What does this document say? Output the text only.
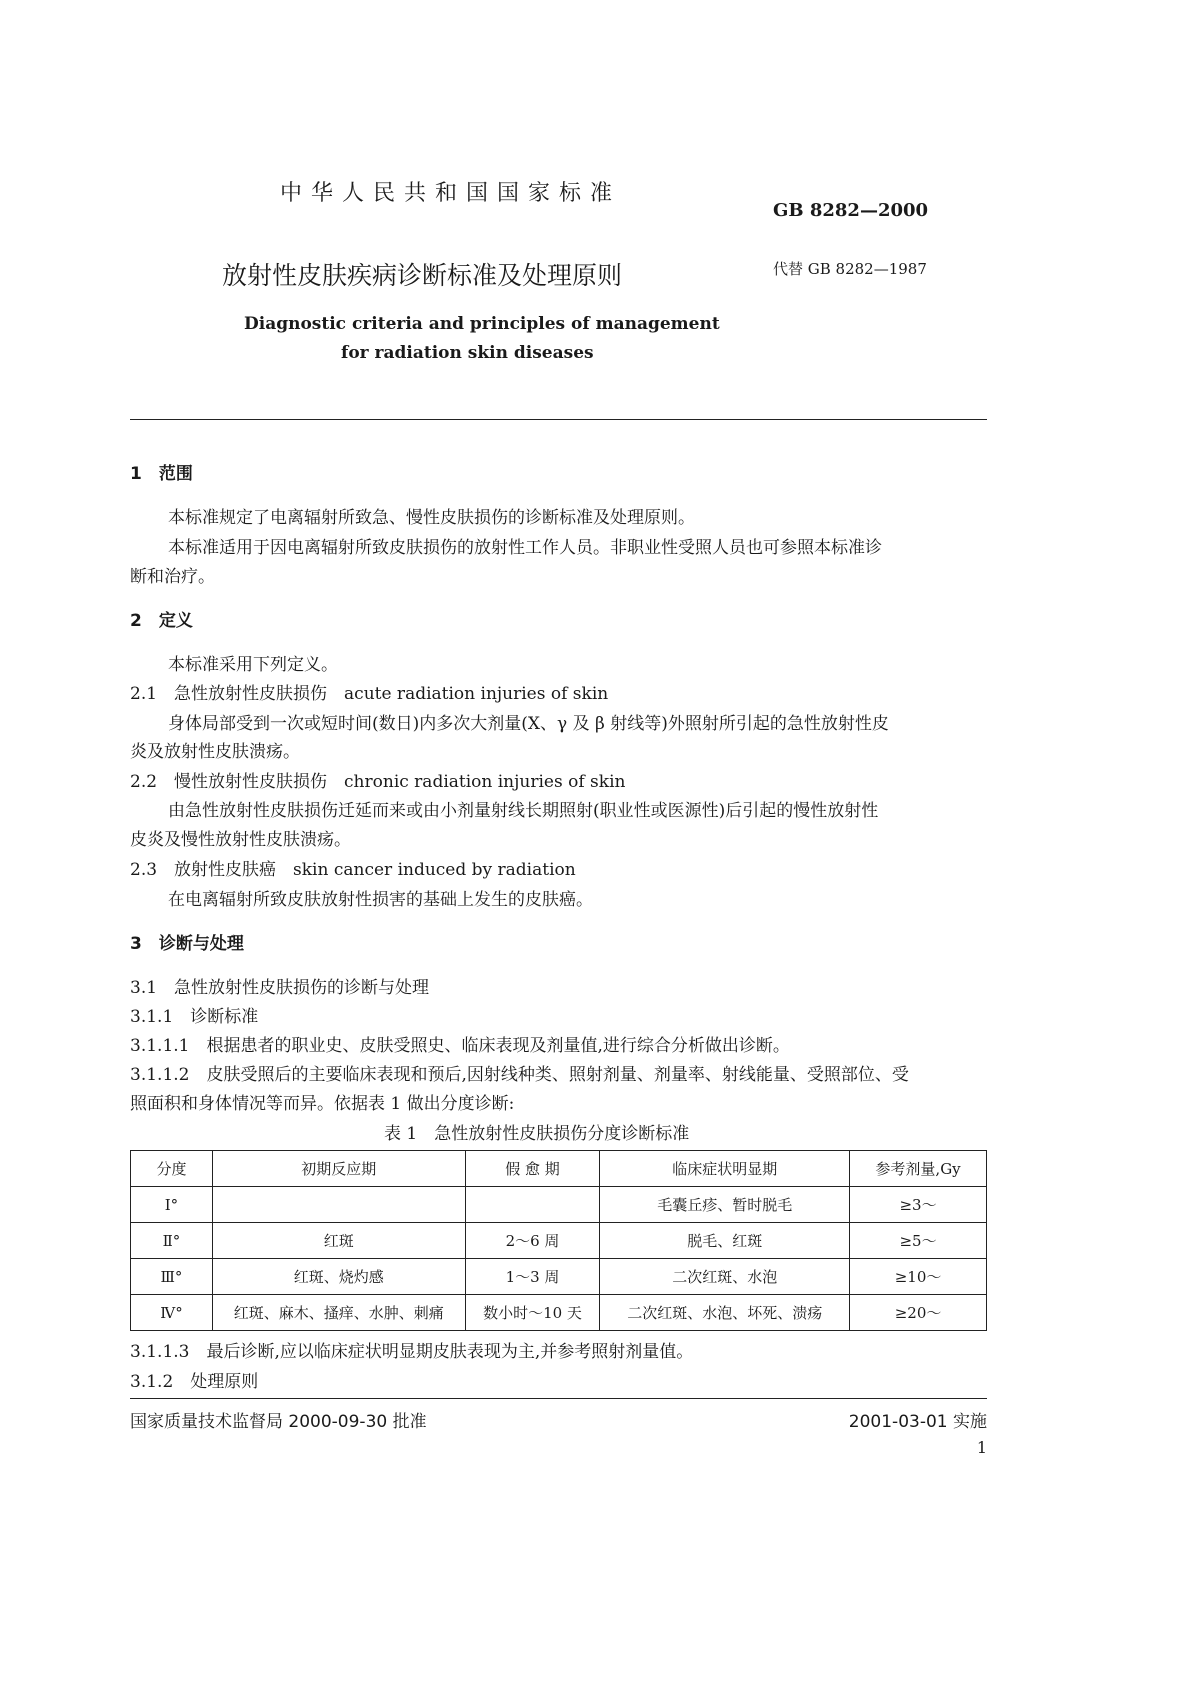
中华人民共和国国家标准
GB 8282—2000
放射性皮肤疾病诊断标准及处理原则	代替 GB 8282—1987
Diagnostic criteria and principles of management
for radiation skin diseases
1　范围
本标准规定了电离辐射所致急、慢性皮肤损伤的诊断标准及处理原则。
本标准适用于因电离辐射所致皮肤损伤的放射性工作人员。非职业性受照人员也可参照本标准诊
断和治疗。
2　定义
本标准采用下列定义。
2.1　急性放射性皮肤损伤　acute radiation injuries of skin
身体局部受到一次或短时间(数日)内多次大剂量(X、γ 及 β 射线等)外照射所引起的急性放射性皮
炎及放射性皮肤溃疡。
2.2　慢性放射性皮肤损伤　chronic radiation injuries of skin
由急性放射性皮肤损伤迁延而来或由小剂量射线长期照射(职业性或医源性)后引起的慢性放射性
皮炎及慢性放射性皮肤溃疡。
2.3　放射性皮肤癌　skin cancer induced by radiation
在电离辐射所致皮肤放射性损害的基础上发生的皮肤癌。
3　诊断与处理
3.1　急性放射性皮肤损伤的诊断与处理
3.1.1　诊断标准
3.1.1.1　根据患者的职业史、皮肤受照史、临床表现及剂量值,进行综合分析做出诊断。
3.1.1.2　皮肤受照后的主要临床表现和预后,因射线种类、照射剂量、剂量率、射线能量、受照部位、受
照面积和身体情况等而异。依据表 1 做出分度诊断:
表 1　急性放射性皮肤损伤分度诊断标准
分度	初期反应期	假 愈 期	临床症状明显期	参考剂量,Gy
Ⅰ°			毛囊丘疹、暂时脱毛	≥3～
Ⅱ°	红斑	2～6 周	脱毛、红斑	≥5～
Ⅲ°	红斑、烧灼感	1～3 周	二次红斑、水泡	≥10～
Ⅳ°	红斑、麻木、搔痒、水肿、刺痛	数小时～10 天	二次红斑、水泡、坏死、溃疡	≥20～
3.1.1.3　最后诊断,应以临床症状明显期皮肤表现为主,并参考照射剂量值。
3.1.2　处理原则
国家质量技术监督局 2000-09-30 批准	2001-03-01 实施
1
